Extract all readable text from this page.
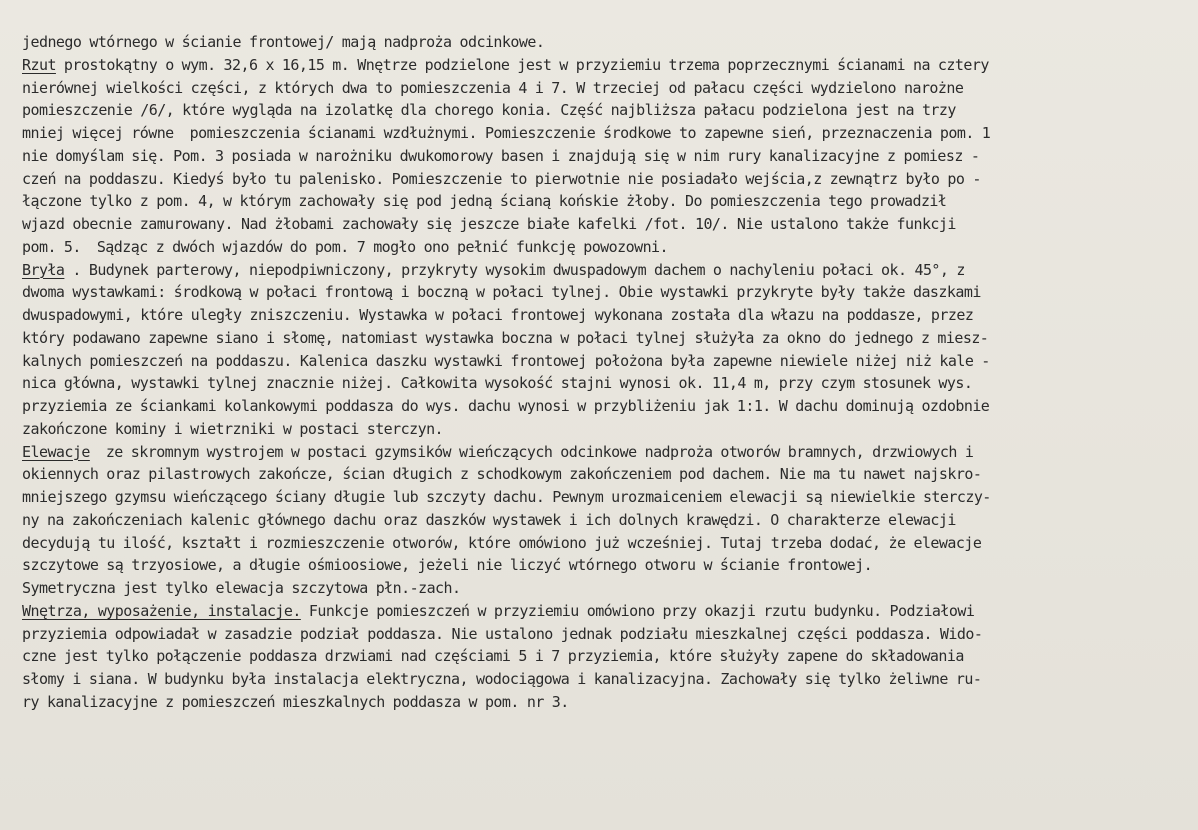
jednego wtórnego w ścianie frontowej/ mają nadproża odcinkowe.
Rzut prostokątny o wym. 32,6 x 16,15 m. Wnętrze podzielone jest w przyziemiu trzema poprzecznymi ścianami na cztery
nierównej wielkości części, z których dwa to pomieszczenia 4 i 7. W trzeciej od pałacu części wydzielono narożne
pomieszczenie /6/, które wygląda na izolatkę dla chorego konia. Część najbliższa pałacu podzielona jest na trzy
mniej więcej równe  pomieszczenia ścianami wzdłużnymi. Pomieszczenie środkowe to zapewne sień, przeznaczenia pom. 1
nie domyślam się. Pom. 3 posiada w narożniku dwukomorowy basen i znajdują się w nim rury kanalizacyjne z pomiesz -
czeń na poddaszu. Kiedyś było tu palenisko. Pomieszczenie to pierwotnie nie posiadało wejścia,z zewnątrz było po -
łączone tylko z pom. 4, w którym zachowały się pod jedną ścianą końskie żłoby. Do pomieszczenia tego prowadził
wjazd obecnie zamurowany. Nad żłobami zachowały się jeszcze białe kafelki /fot. 10/. Nie ustalono także funkcji
pom. 5.  Sądząc z dwóch wjazdów do pom. 7 mogło ono pełnić funkcję powozowni.
Bryła . Budynek parterowy, niepodpiwniczony, przykryty wysokim dwuspadowym dachem o nachyleniu połaci ok. 45°, z
dwoma wystawkami: środkową w połaci frontową i boczną w połaci tylnej. Obie wystawki przykryte były także daszkami
dwuspadowymi, które uległy zniszczeniu. Wystawka w połaci frontowej wykonana została dla włazu na poddasze, przez
który podawano zapewne siano i słomę, natomiast wystawka boczna w połaci tylnej służyła za okno do jednego z miesz-
kalnych pomieszczeń na poddaszu. Kalenica daszku wystawki frontowej położona była zapewne niewiele niżej niż kale -
nica główna, wystawki tylnej znacznie niżej. Całkowita wysokość stajni wynosi ok. 11,4 m, przy czym stosunek wys.
przyziemia ze ściankami kolankowymi poddasza do wys. dachu wynosi w przybliżeniu jak 1:1. W dachu dominują ozdobnie
zakończone kominy i wietrzniki w postaci sterczyn.
Elewacje  ze skromnym wystrojem w postaci gzymsików wieńczących odcinkowe nadproża otworów bramnych, drzwiowych i
okiennych oraz pilastrowych zakończe, ścian długich z schodkowym zakończeniem pod dachem. Nie ma tu nawet najskro-
mniejszego gzymsu wieńczącego ściany długie lub szczyty dachu. Pewnym urozmaiceniem elewacji są niewielkie sterczy-
ny na zakończeniach kalenic głównego dachu oraz daszków wystawek i ich dolnych krawędzi. O charakterze elewacji
decydują tu ilość, kształt i rozmieszczenie otworów, które omówiono już wcześniej. Tutaj trzeba dodać, że elewacje
szczytowe są trzyosiowe, a długie ośmioosiowe, jeżeli nie liczyć wtórnego otworu w ścianie frontowej.
Symetryczna jest tylko elewacja szczytowa płn.-zach.
Wnętrza, wyposażenie, instalacje. Funkcje pomieszczeń w przyziemiu omówiono przy okazji rzutu budynku. Podziałowi
przyziemia odpowiadał w zasadzie podział poddasza. Nie ustalono jednak podziału mieszkalnej części poddasza. Wido-
czne jest tylko połączenie poddasza drzwiami nad częściami 5 i 7 przyziemia, które służyły zapene do składowania
słomy i siana. W budynku była instalacja elektryczna, wodociągowa i kanalizacyjna. Zachowały się tylko żeliwne ru-
ry kanalizacyjne z pomieszczeń mieszkalnych poddasza w pom. nr 3.
